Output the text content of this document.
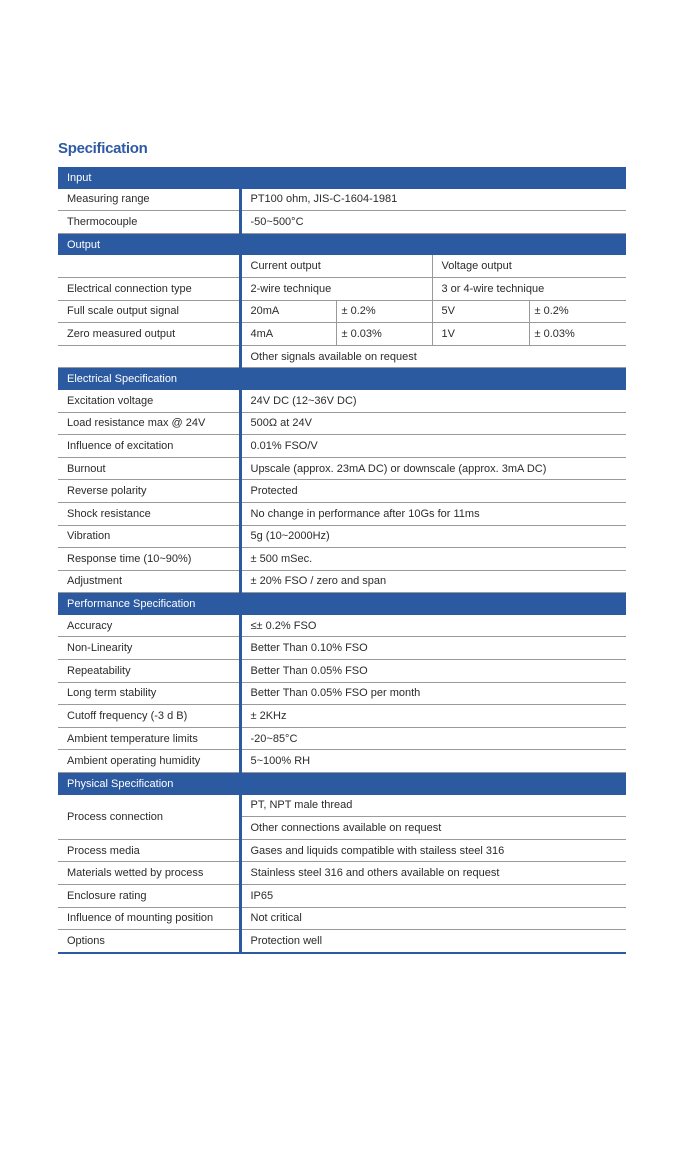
Specification
Input				
Measuring range	PT100 ohm, JIS-C-1604-1981			
Thermocouple	-50~500°C			
Output				
	Current output		Voltage output	
Electrical connection type	2-wire technique		3 or 4-wire technique	
Full scale output signal	20mA	± 0.2%	5V	± 0.2%
Zero measured output	4mA	± 0.03%	1V	± 0.03%
	Other signals available on request			
Electrical Specification				
Excitation voltage	24V DC (12~36V DC)			
Load resistance max @ 24V	500Ω at 24V			
Influence of excitation	0.01% FSO/V			
Burnout	Upscale (approx. 23mA DC) or downscale (approx. 3mA DC)			
Reverse polarity	Protected			
Shock resistance	No change in performance after 10Gs for 11ms			
Vibration	5g (10~2000Hz)			
Response time (10~90%)	± 500 mSec.			
Adjustment	± 20% FSO / zero and span			
Performance Specification				
Accuracy	≤± 0.2% FSO			
Non-Linearity	Better Than 0.10% FSO			
Repeatability	Better Than 0.05% FSO			
Long term stability	Better Than 0.05% FSO per month			
Cutoff frequency (-3 d B)	± 2KHz			
Ambient temperature limits	-20~85°C			
Ambient operating humidity	5~100% RH			
Physical Specification				
Process connection	PT, NPT male thread			
	Other connections available on request			
Process media	Gases and liquids compatible with stailess steel 316			
Materials wetted by process	Stainless steel 316 and others available on request			
Enclosure rating	IP65			
Influence of mounting position	Not critical			
Options	Protection well			
